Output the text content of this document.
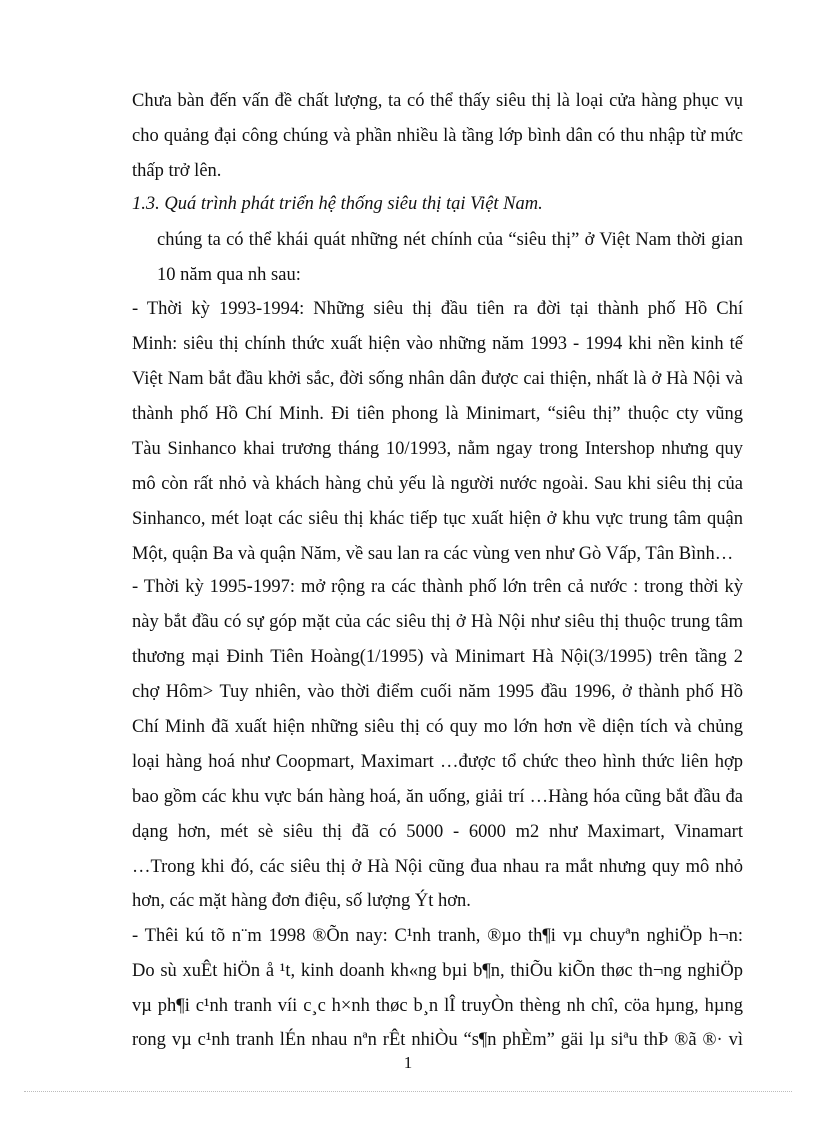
Chưa bàn đến vấn đề chất lượng, ta có thể thấy siêu thị là loại cửa hàng phục vụ
cho quảng đại công chúng và phần nhiều là tầng lớp bình dân có thu nhập từ mức
thấp trở lên.
1.3. Quá trình phát triển hệ thống siêu thị tại Việt Nam.
chúng ta có thể khái quát những nét chính của “siêu thị” ở Việt Nam thời gian
10 năm qua nh sau:
- Thời kỳ 1993-1994: Những siêu thị đầu tiên ra đời tại thành phố Hồ Chí
Minh: siêu thị chính thức xuất hiện vào những năm 1993 - 1994 khi nền kinh tế
Việt Nam bắt đầu khởi sắc, đời sống nhân dân được cai thiện, nhất là ở Hà Nội và
thành phố Hồ Chí Minh. Đi tiên phong là Minimart, “siêu thị” thuộc cty vũng
Tàu Sinhanco khai trương tháng 10/1993, nằm ngay trong Intershop nhưng quy
mô còn rất nhỏ và khách hàng chủ yếu là người nước ngoài. Sau khi siêu thị của
Sinhanco, mét loạt các siêu thị khác tiếp tục xuất hiện ở khu vực trung tâm quận
Một, quận Ba và quận Năm, về sau lan ra các vùng ven như Gò Vấp, Tân Bình…
- Thời kỳ 1995-1997: mở rộng ra các thành phố lớn trên cả nước : trong thời kỳ
này bắt đầu có sự góp mặt của các siêu thị ở Hà Nội như siêu thị thuộc trung tâm
thương mại Đinh Tiên Hoàng(1/1995) và Minimart Hà Nội(3/1995) trên tầng 2
chợ Hôm> Tuy nhiên, vào thời điểm cuối năm 1995 đầu 1996, ở thành phố Hồ
Chí Minh đã xuất hiện những siêu thị có quy mo lớn hơn về diện tích và chủng
loại hàng hoá như Coopmart, Maximart …được tổ chức theo hình thức liên hợp
bao gồm các khu vực bán hàng hoá, ăn uống, giải trí …Hàng hóa cũng bắt đầu đa
dạng hơn, mét sè siêu thị đã có 5000 - 6000 m2 như Maximart, Vinamart
…Trong khi đó, các siêu thị ở Hà Nội cũng đua nhau ra mắt nhưng quy mô nhỏ
hơn, các mặt hàng đơn điệu, số lượng Ýt hơn.
- Thêi kú tõ n¨m 1998 ®Õn nay: C¹nh tranh, ®µo th¶i vµ chuyªn nghiÖp h¬n:
Do sù xuÊt hiÖn å ¹t, kinh doanh kh«ng bµi b¶n, thiÕu kiÕn thøc th¬ng nghiÖp
vµ ph¶i c¹nh tranh víi c¸c h×nh thøc b¸n lÎ truyÒn thèng nh chî, cöa hµng, hµng
rong vµ c¹nh tranh lÉn nhau nªn rÊt nhiÒu “s¶n phÈm” gäi lµ siªu thÞ ®ã ®· vì
1
